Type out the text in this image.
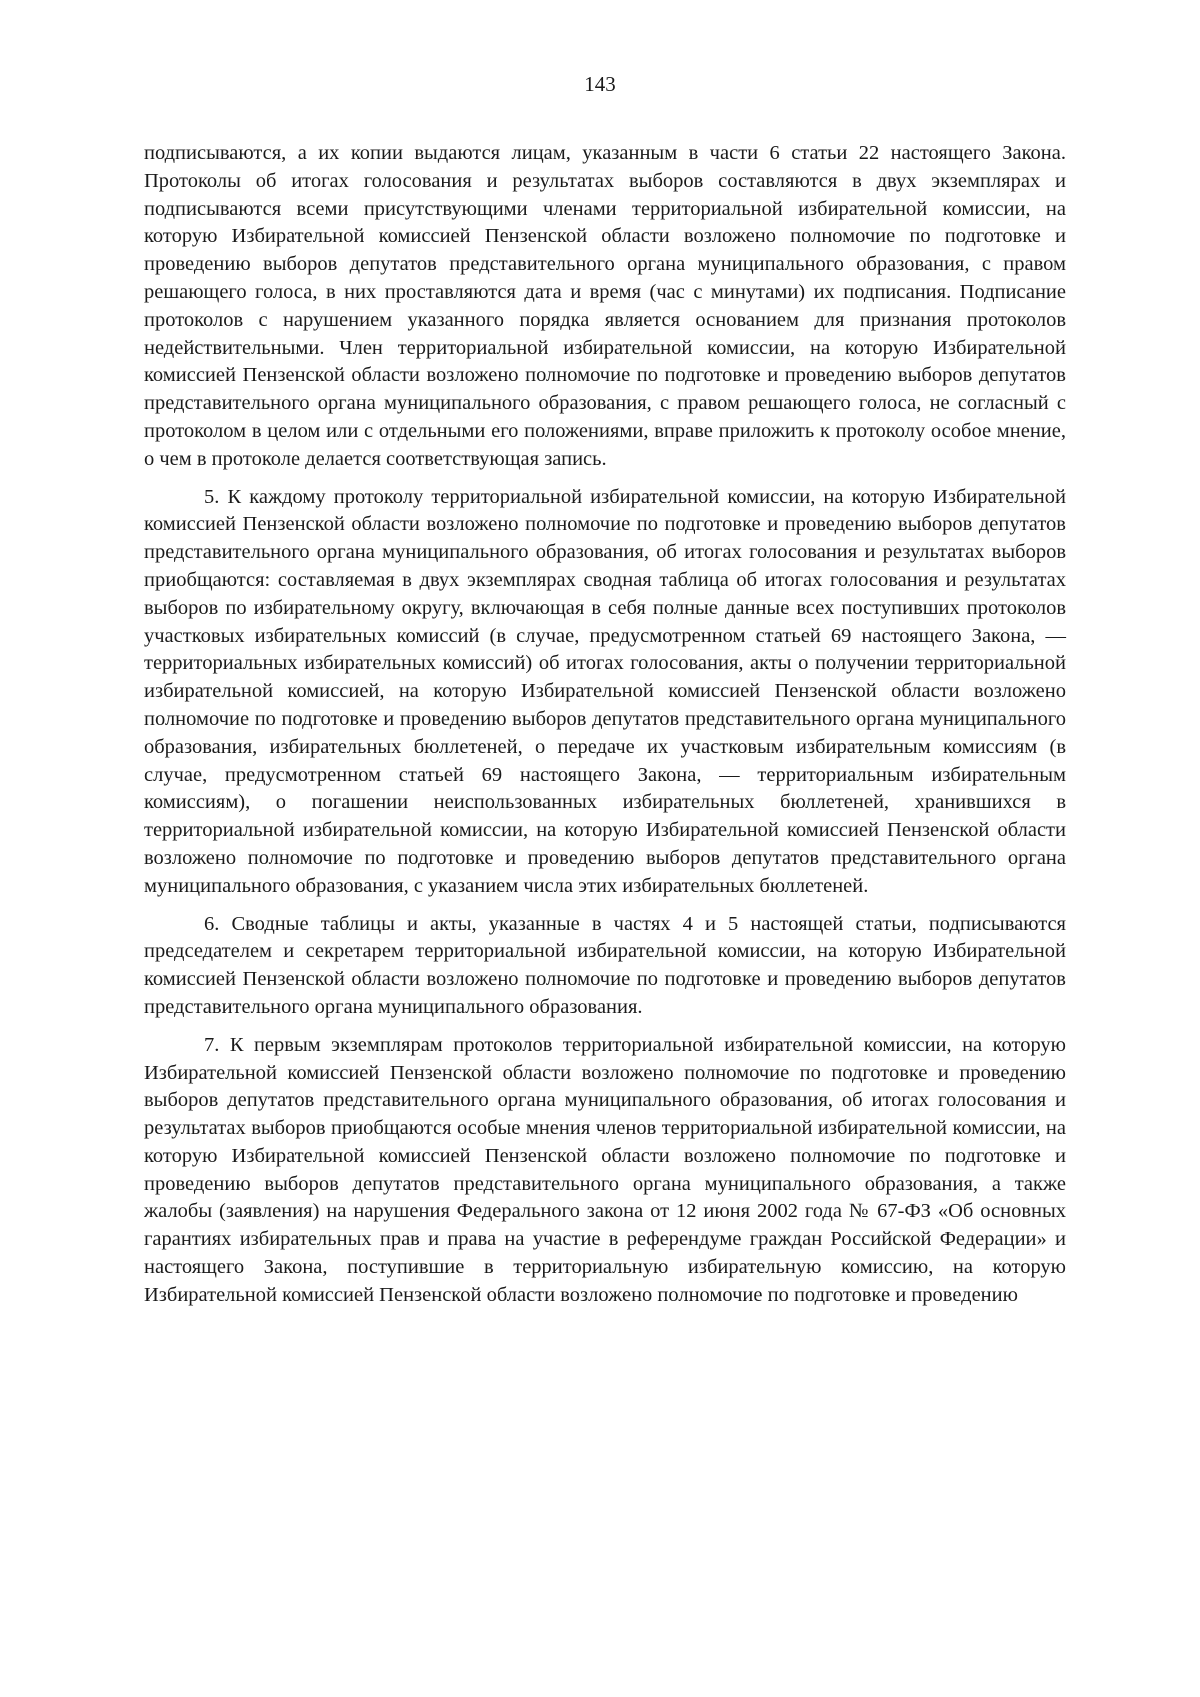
143

подписываются, а их копии выдаются лицам, указанным в части 6 статьи 22 настоящего Закона. Протоколы об итогах голосования и результатах выборов составляются в двух экземплярах и подписываются всеми присутствующими членами территориальной избирательной комиссии, на которую Избирательной комиссией Пензенской области возложено полномочие по подготовке и проведению выборов депутатов представительного органа муниципального образования, с правом решающего голоса, в них проставляются дата и время (час с минутами) их подписания. Подписание протоколов с нарушением указанного порядка является основанием для признания протоколов недействительными. Член территориальной избирательной комиссии, на которую Избирательной комиссией Пензенской области возложено полномочие по подготовке и проведению выборов депутатов представительного органа муниципального образования, с правом решающего голоса, не согласный с протоколом в целом или с отдельными его положениями, вправе приложить к протоколу особое мнение, о чем в протоколе делается соответствующая запись.

5. К каждому протоколу территориальной избирательной комиссии, на которую Избирательной комиссией Пензенской области возложено полномочие по подготовке и проведению выборов депутатов представительного органа муниципального образования, об итогах голосования и результатах выборов приобщаются: составляемая в двух экземплярах сводная таблица об итогах голосования и результатах выборов по избирательному округу, включающая в себя полные данные всех поступивших протоколов участковых избирательных комиссий (в случае, предусмотренном статьей 69 настоящего Закона, — территориальных избирательных комиссий) об итогах голосования, акты о получении территориальной избирательной комиссией, на которую Избирательной комиссией Пензенской области возложено полномочие по подготовке и проведению выборов депутатов представительного органа муниципального образования, избирательных бюллетеней, о передаче их участковым избирательным комиссиям (в случае, предусмотренном статьей 69 настоящего Закона, — территориальным избирательным комиссиям), о погашении неиспользованных избирательных бюллетеней, хранившихся в территориальной избирательной комиссии, на которую Избирательной комиссией Пензенской области возложено полномочие по подготовке и проведению выборов депутатов представительного органа муниципального образования, с указанием числа этих избирательных бюллетеней.

6. Сводные таблицы и акты, указанные в частях 4 и 5 настоящей статьи, подписываются председателем и секретарем территориальной избирательной комиссии, на которую Избирательной комиссией Пензенской области возложено полномочие по подготовке и проведению выборов депутатов представительного органа муниципального образования.

7. К первым экземплярам протоколов территориальной избирательной комиссии, на которую Избирательной комиссией Пензенской области возложено полномочие по подготовке и проведению выборов депутатов представительного органа муниципального образования, об итогах голосования и результатах выборов приобщаются особые мнения членов территориальной избирательной комиссии, на которую Избирательной комиссией Пензенской области возложено полномочие по подготовке и проведению выборов депутатов представительного органа муниципального образования, а также жалобы (заявления) на нарушения Федерального закона от 12 июня 2002 года № 67-ФЗ «Об основных гарантиях избирательных прав и права на участие в референдуме граждан Российской Федерации» и настоящего Закона, поступившие в территориальную избирательную комиссию, на которую Избирательной комиссией Пензенской области возложено полномочие по подготовке и проведению
